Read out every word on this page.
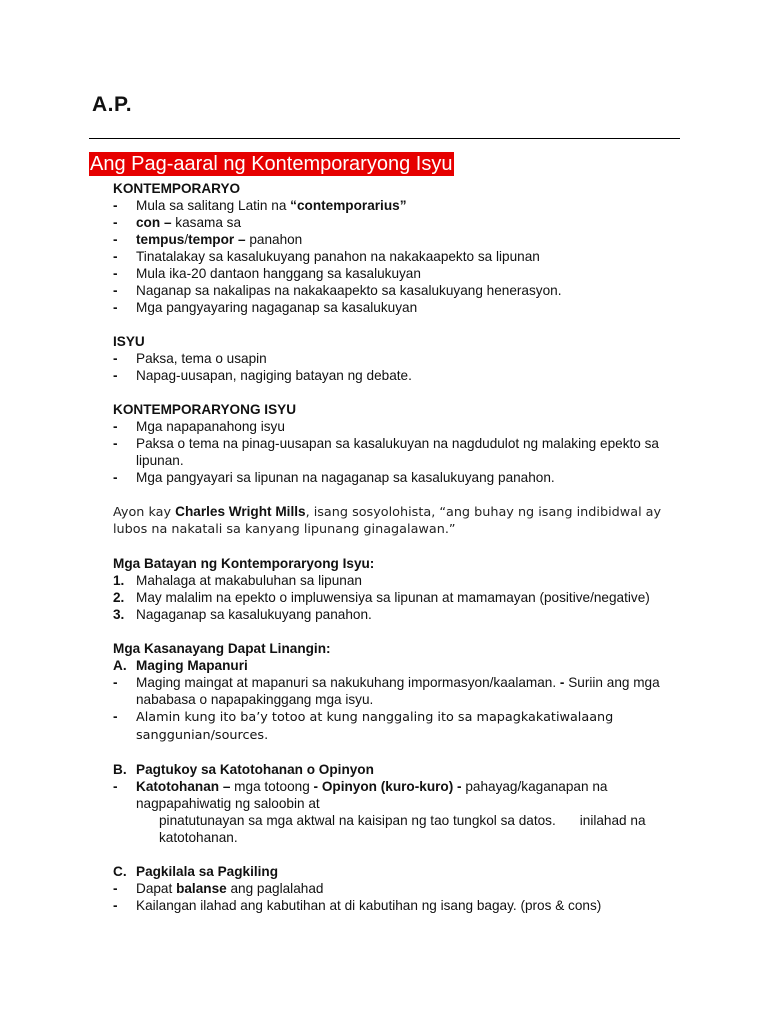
A.P.
Ang Pag-aaral ng Kontemporaryong Isyu

KONTEMPORARYO

- Mula sa salitang Latin na “contemporarius”
- con – kasama sa
- tempus/tempor – panahon
- Tinatalakay sa kasalukuyang panahon na nakakaapekto sa lipunan
- Mula ika-20 dantaon hanggang sa kasalukuyan
- Naganap sa nakalipas na nakakaapekto sa kasalukuyang henerasyon.
- Mga pangyayaring nagaganap sa kasalukuyan

ISYU

- Paksa, tema o usapin
- Napag-uusapan, nagiging batayan ng debate.

KONTEMPORARYONG ISYU

- Mga napapanahong isyu
- Paksa o tema na pinag-uusapan sa kasalukuyan na nagdudulot ng malaking epekto sa lipunan.
- Mga pangyayari sa lipunan na nagaganap sa kasalukuyang panahon.

Ayon kay Charles Wright Mills, isang sosyolohista, “ang buhay ng isang indibidwal ay lubos na nakatali sa kanyang lipunang ginagalawan.”

Mga Batayan ng Kontemporaryong Isyu:

1. Mahalaga at makabuluhan sa lipunan
2. May malalim na epekto o impluwensiya sa lipunan at mamamayan (positive/negative)
3. Nagaganap sa kasalukuyang panahon.

Mga Kasanayang Dapat Linangin:

A. Maging Mapanuri
- Maging maingat at mapanuri sa nakukuhang impormasyon/kaalaman. - Suriin ang mga nababasa o napapakinggang mga isyu.
- Alamin kung ito ba’y totoo at kung nanggaling ito sa mapagkakatiwalaang sanggunian/sources.
B. Pagtukoy sa Katotohanan o Opinyon
- Katotohanan – mga totoong - Opinyon (kuro-kuro) - pahayag/kaganapan na
nagpapahiwatig ng saloobin at
pinatutunayan sa mga aktwal na kaisipan ng tao tungkol sa datos. inilahad na
katotohanan.
C. Pagkilala sa Pagkiling
- Dapat balanse ang paglalahad
- Kailangan ilahad ang kabutihan at di kabutihan ng isang bagay. (pros & cons)
